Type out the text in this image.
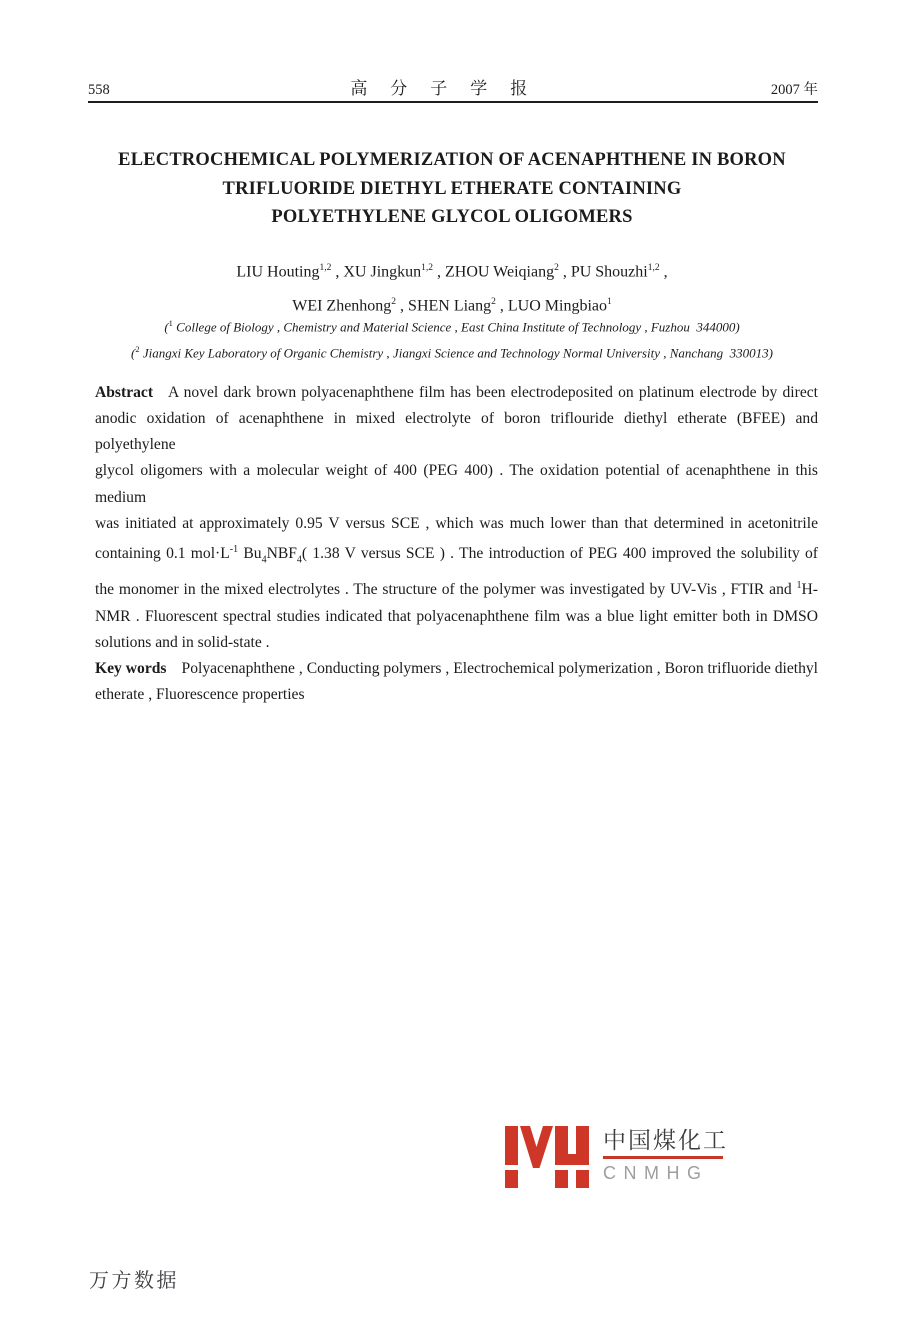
558	高　分　子　学　报	2007 年
ELECTROCHEMICAL POLYMERIZATION OF ACENAPHTHENE IN BORON
TRIFLUORIDE DIETHYL ETHERATE CONTAINING
POLYETHYLENE GLYCOL OLIGOMERS
LIU Houting$^{1,2}$ , XU Jingkun$^{1,2}$ , ZHOU Weiqiang$^2$ , PU Shouzhi$^{1,2}$ ,
WEI Zhenhong$^2$ , SHEN Liang$^2$ , LUO Mingbiao$^1$
($^1$ College of Biology , Chemistry and Material Science , East China Institute of Technology , Fuzhou 344000)
($^2$ Jiangxi Key Laboratory of Organic Chemistry , Jiangxi Science and Technology Normal University , Nanchang 330013)
Abstract A novel dark brown polyacenaphthene film has been electrodeposited on platinum electrode by direct
anodic oxidation of acenaphthene in mixed electrolyte of boron triflouride diethyl etherate (BFEE) and polyethylene
glycol oligomers with a molecular weight of 400 (PEG 400) . The oxidation potential of acenaphthene in this medium
was initiated at approximately 0.95 V versus SCE , which was much lower than that determined in acetonitrile
containing 0.1 $mol\cdot L^{-1}$ $Bu_4NBF_4$( 1.38 V versus SCE ) . The introduction of PEG 400 improved the solubility of
the monomer in the mixed electrolytes . The structure of the polymer was investigated by UV-Vis , FTIR and $^1$H-
NMR . Fluorescent spectral studies indicated that polyacenaphthene film was a blue light emitter both in DMSO
solutions and in solid-state .
Key words Polyacenaphthene , Conducting polymers , Electrochemical polymerization , Boron trifluoride diethyl
etherate , Fluorescence properties
中国煤化工
CNMHG
万方数据
